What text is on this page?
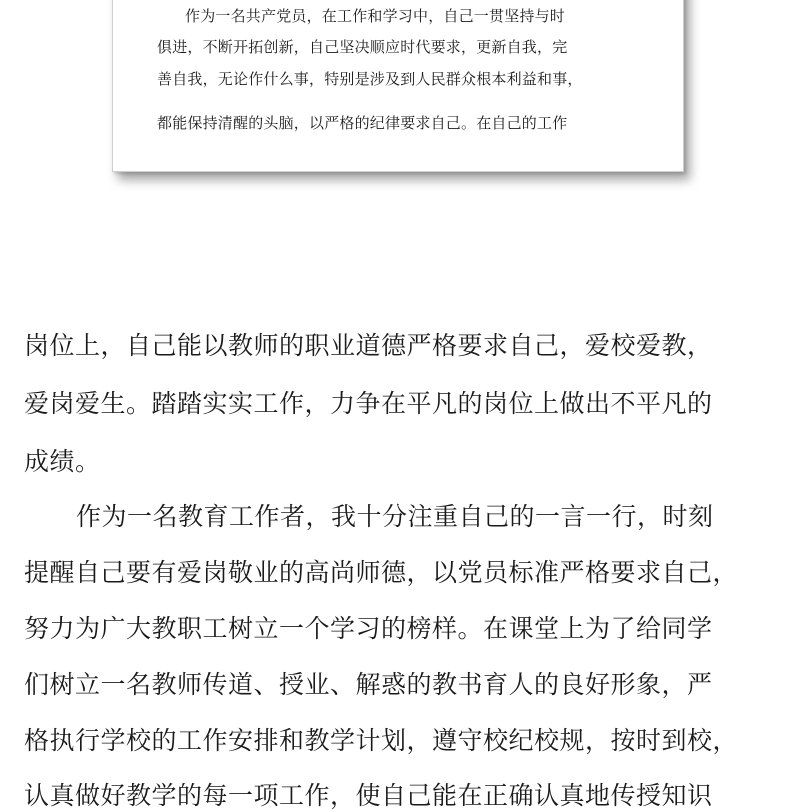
作为一名共产党员，在工作和学习中，自己一贯坚持与时
俱进，不断开拓创新，自己坚决顺应时代要求，更新自我，完
善自我，无论作什么事，特别是涉及到人民群众根本利益和事，
都能保持清醒的头脑，以严格的纪律要求自己。在自己的工作
岗位上，自己能以教师的职业道德严格要求自己，爱校爱教，
爱岗爱生。踏踏实实工作，力争在平凡的岗位上做出不平凡的
成绩。
作为一名教育工作者，我十分注重自己的一言一行，时刻
提醒自己要有爱岗敬业的高尚师德，以党员标准严格要求自己，
努力为广大教职工树立一个学习的榜样。在课堂上为了给同学
们树立一名教师传道、授业、解惑的教书育人的良好形象，严
格执行学校的工作安排和教学计划，遵守校纪校规，按时到校，
认真做好教学的每一项工作，使自己能在正确认真地传授知识
